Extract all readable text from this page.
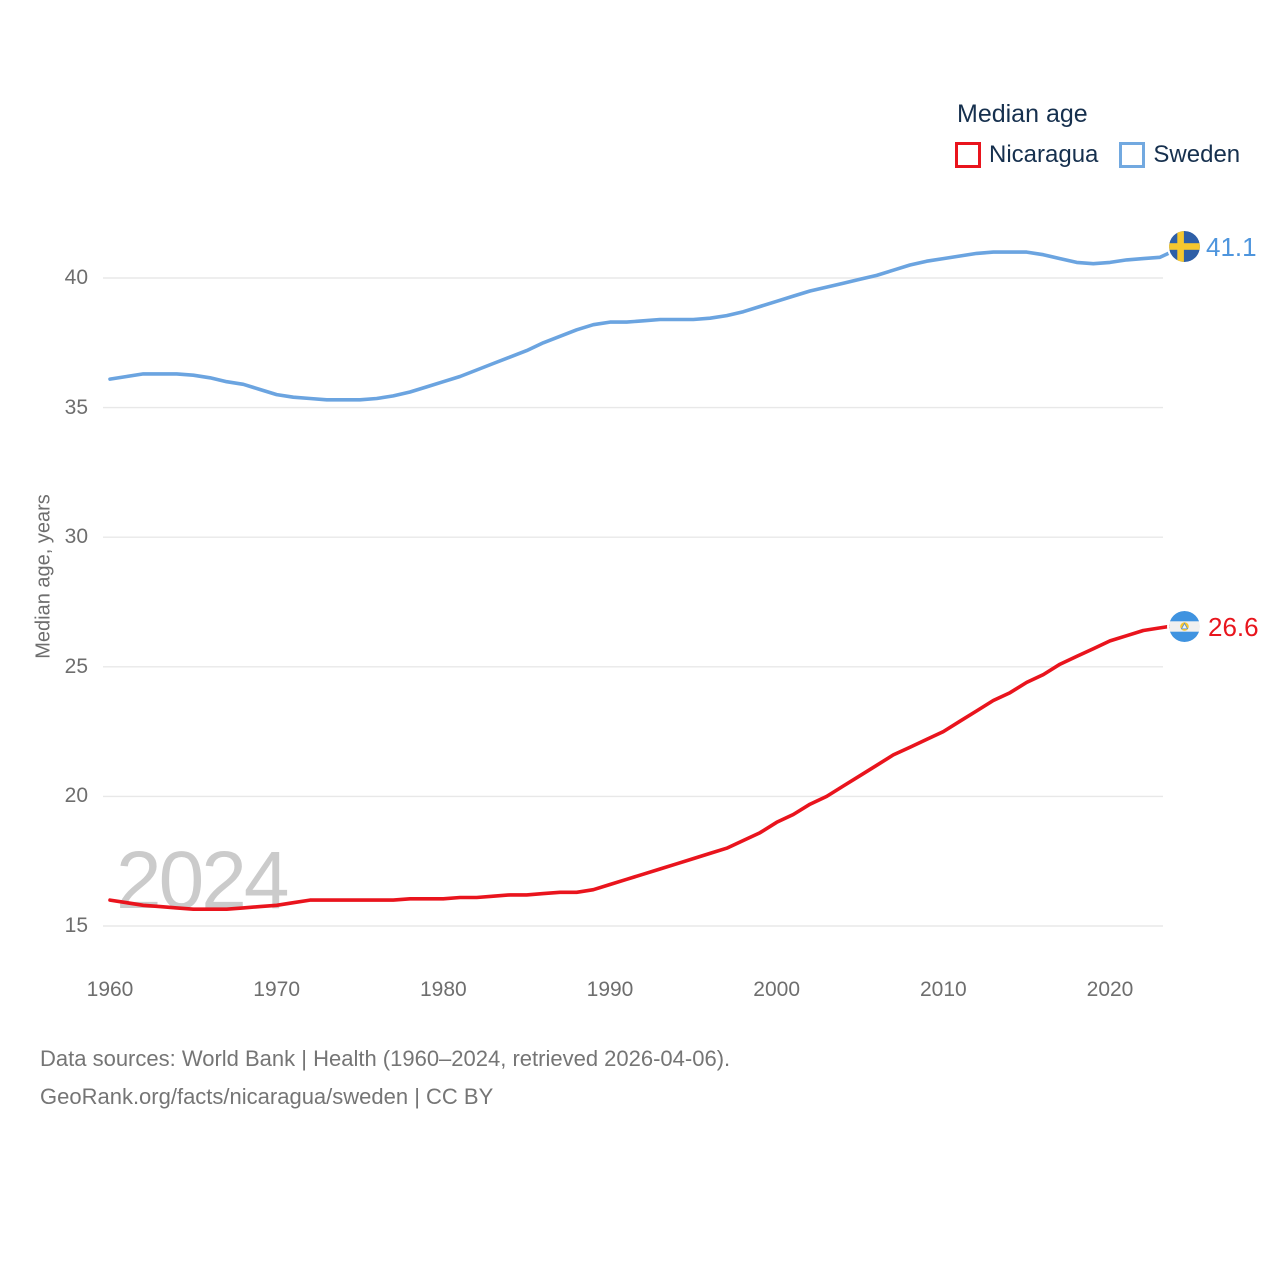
2024
Median age, years
40
35
30
25
20
15
1960	1970	1980	1990	2000	2010	2020
Median age
Nicaragua Sweden
41.1
26.6
Data sources: World Bank | Health (1960–2024, retrieved 2026-04-06).
GeoRank.org/facts/nicaragua/sweden | CC BY
